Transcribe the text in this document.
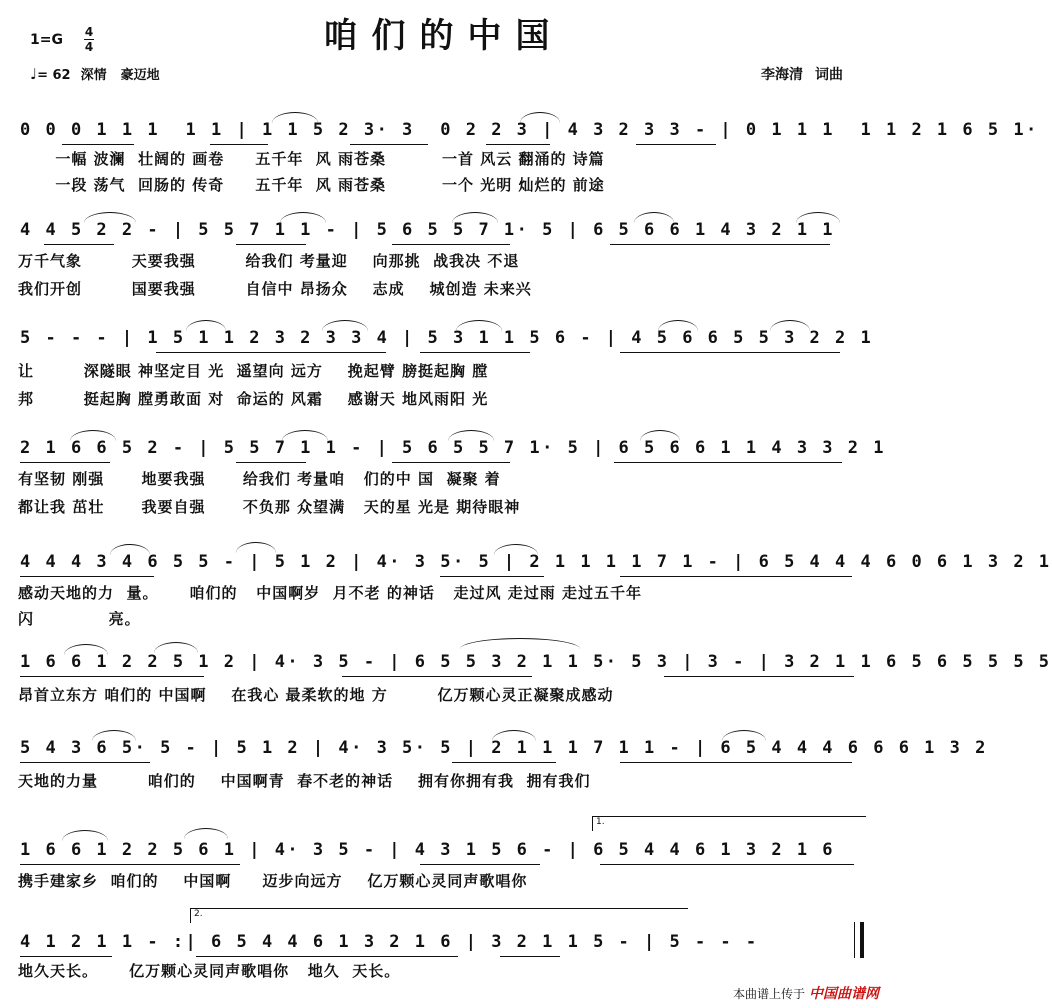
咱们的中国
1=G 4
4
♩= 62 深情 豪迈地	李海清 词曲
0 0 0 1 1 1  1 1 | 1 1 5 2 3· 3  0 2 2 3 | 4 3 2 3 3 - | 0 1 1 1  1 1 2 1 6 5 1·
一幅 波澜  壮阔的 画卷     五千年  风 雨苍桑         一首 风云 翻涌的 诗篇
一段 荡气  回肠的 传奇     五千年  风 雨苍桑         一个 光明 灿烂的 前途
4 4 5 2 2 - | 5 5 7 1 1 - | 5 6 5 5 7 1· 5 | 6 5 6 6 1 4 3 2 1 1
万千气象        天要我强        给我们 考量迎    向那挑  战我决 不退
我们开创        国要我强        自信中 昂扬众    志成    城创造 未来兴
5 - - - | 1 5 1 1 2 3 2 3 3 4 | 5 3 1 1 5 6 - | 4 5 6 6 5 5 3 2 2 1
让        深隧眼 神坚定目 光  遥望向 远方    挽起臂 膀挺起胸 膛
邦        挺起胸 膛勇敢面 对  命运的 风霜    感谢天 地风雨阳 光
2 1 6 6 5 2 - | 5 5 7 1 1 - | 5 6 5 5 7 1· 5 | 6 5 6 6 1 1 4 3 3 2 1
有坚韧 刚强      地要我强      给我们 考量咱   们的中 国  凝聚 着
都让我 茁壮      我要自强      不负那 众望满   天的星 光是 期待眼神
4 4 4 3 4 6 5 5 - | 5 1 2 | 4· 3 5· 5 | 2 1 1 1 1 7 1 - | 6 5 4 4 4 6 0 6 1 3 2 1
感动天地的力  量。     咱们的   中国啊岁  月不老 的神话   走过风 走过雨 走过五千年
闪            亮。
1 6 6 1 2 2 5 1 2 | 4· 3 5 - | 6 5 5 3 2 1 1 5· 5 3 | 3 - | 3 2 1 1 6 5 6 5 5 5 5
昂首立东方 咱们的 中国啊    在我心 最柔软的地 方        亿万颗心灵正凝聚成感动
5 4 3 6 5· 5 - | 5 1 2 | 4· 3 5· 5 | 2 1 1 1 7 1 1 - | 6 5 4 4 4 6 6 6 1 3 2
天地的力量        咱们的    中国啊青  春不老的神话    拥有你拥有我  拥有我们
1.
1 6 6 1 2 2 5 6 1 | 4· 3 5 - | 4 3 1 5 6 - | 6 5 4 4 6 1 3 2 1 6
携手建家乡  咱们的    中国啊     迈步向远方    亿万颗心灵同声歌唱你
2.
4 1 2 1 1 - :| 6 5 4 4 6 1 3 2 1 6 | 3 2 1 1 5 - | 5 - - -
地久天长。     亿万颗心灵同声歌唱你   地久  天长。
本曲谱上传于 中国曲谱网
